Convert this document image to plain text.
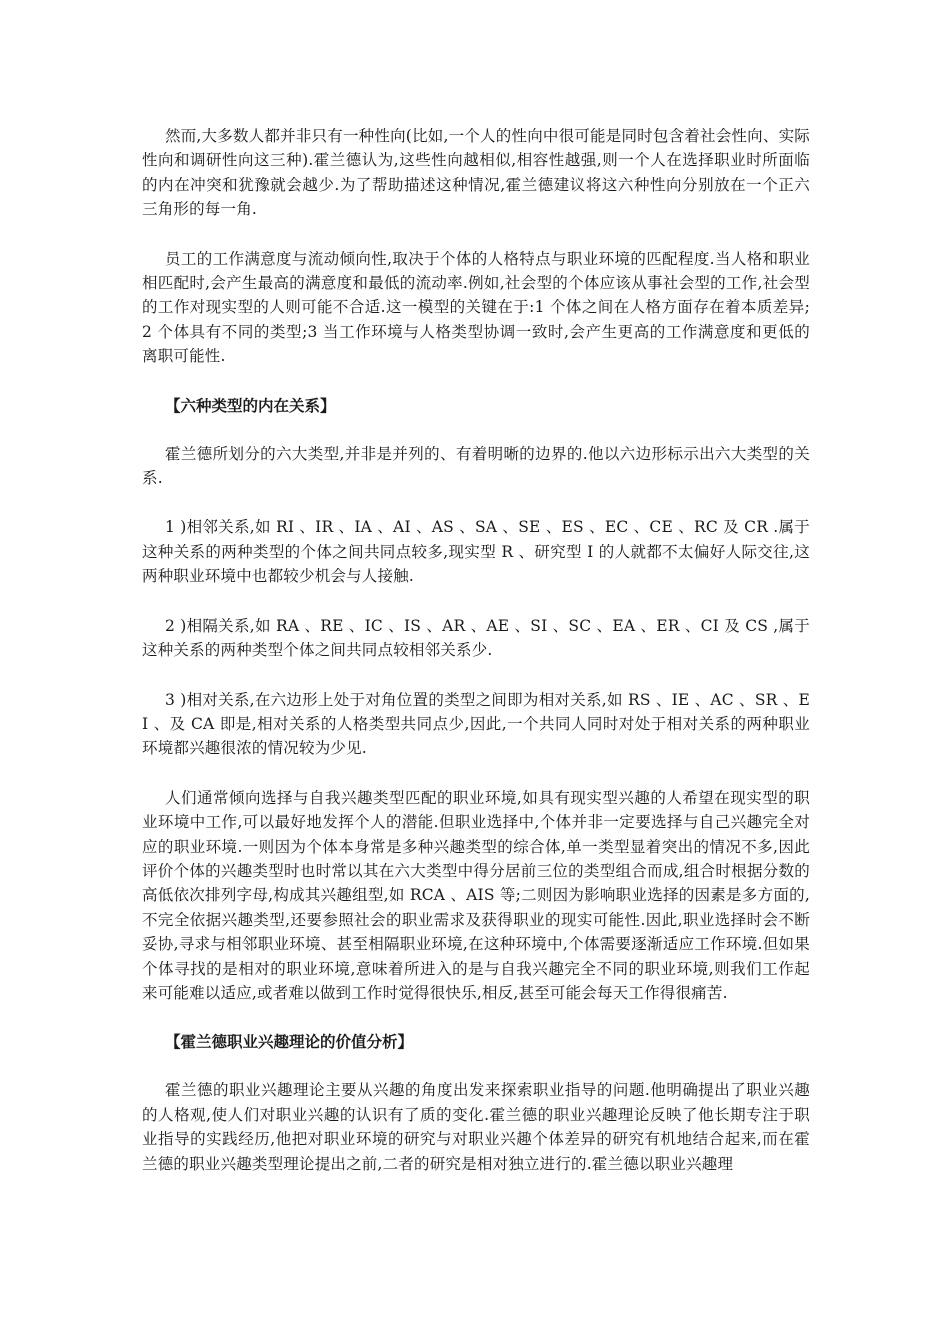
然而,大多数人都并非只有一种性向(比如,一个人的性向中很可能是同时包含着社会性向、实际性向和调研性向这三种).霍兰德认为,这些性向越相似,相容性越强,则一个人在选择职业时所面临的内在冲突和犹豫就会越少.为了帮助描述这种情况,霍兰德建议将这六种性向分别放在一个正六三角形的每一角.

员工的工作满意度与流动倾向性,取决于个体的人格特点与职业环境的匹配程度.当人格和职业相匹配时,会产生最高的满意度和最低的流动率.例如,社会型的个体应该从事社会型的工作,社会型的工作对现实型的人则可能不合适.这一模型的关键在于:1 个体之间在人格方面存在着本质差异;2 个体具有不同的类型;3 当工作环境与人格类型协调一致时,会产生更高的工作满意度和更低的离职可能性.

【六种类型的内在关系】

霍兰德所划分的六大类型,并非是并列的、有着明晰的边界的.他以六边形标示出六大类型的关系.

1 )相邻关系,如 RI 、IR 、IA 、AI 、AS 、SA 、SE 、ES 、EC 、CE 、RC 及 CR .属于这种关系的两种类型的个体之间共同点较多,现实型 R 、研究型 I 的人就都不太偏好人际交往,这两种职业环境中也都较少机会与人接触.

2 )相隔关系,如 RA 、RE 、IC 、IS 、AR 、AE 、SI 、SC 、EA 、ER 、CI 及 CS ,属于这种关系的两种类型个体之间共同点较相邻关系少.

3 )相对关系,在六边形上处于对角位置的类型之间即为相对关系,如 RS 、IE 、AC 、SR 、EI 、及 CA 即是,相对关系的人格类型共同点少,因此,一个共同人同时对处于相对关系的两种职业环境都兴趣很浓的情况较为少见.

人们通常倾向选择与自我兴趣类型匹配的职业环境,如具有现实型兴趣的人希望在现实型的职业环境中工作,可以最好地发挥个人的潜能.但职业选择中,个体并非一定要选择与自己兴趣完全对应的职业环境.一则因为个体本身常是多种兴趣类型的综合体,单一类型显着突出的情况不多,因此评价个体的兴趣类型时也时常以其在六大类型中得分居前三位的类型组合而成,组合时根据分数的高低依次排列字母,构成其兴趣组型,如 RCA 、AIS 等;二则因为影响职业选择的因素是多方面的,不完全依据兴趣类型,还要参照社会的职业需求及获得职业的现实可能性.因此,职业选择时会不断妥协,寻求与相邻职业环境、甚至相隔职业环境,在这种环境中,个体需要逐渐适应工作环境.但如果个体寻找的是相对的职业环境,意味着所进入的是与自我兴趣完全不同的职业环境,则我们工作起来可能难以适应,或者难以做到工作时觉得很快乐,相反,甚至可能会每天工作得很痛苦.

【霍兰德职业兴趣理论的价值分析】

霍兰德的职业兴趣理论主要从兴趣的角度出发来探索职业指导的问题.他明确提出了职业兴趣的人格观,使人们对职业兴趣的认识有了质的变化.霍兰德的职业兴趣理论反映了他长期专注于职业指导的实践经历,他把对职业环境的研究与对职业兴趣个体差异的研究有机地结合起来,而在霍兰德的职业兴趣类型理论提出之前,二者的研究是相对独立进行的.霍兰德以职业兴趣理
